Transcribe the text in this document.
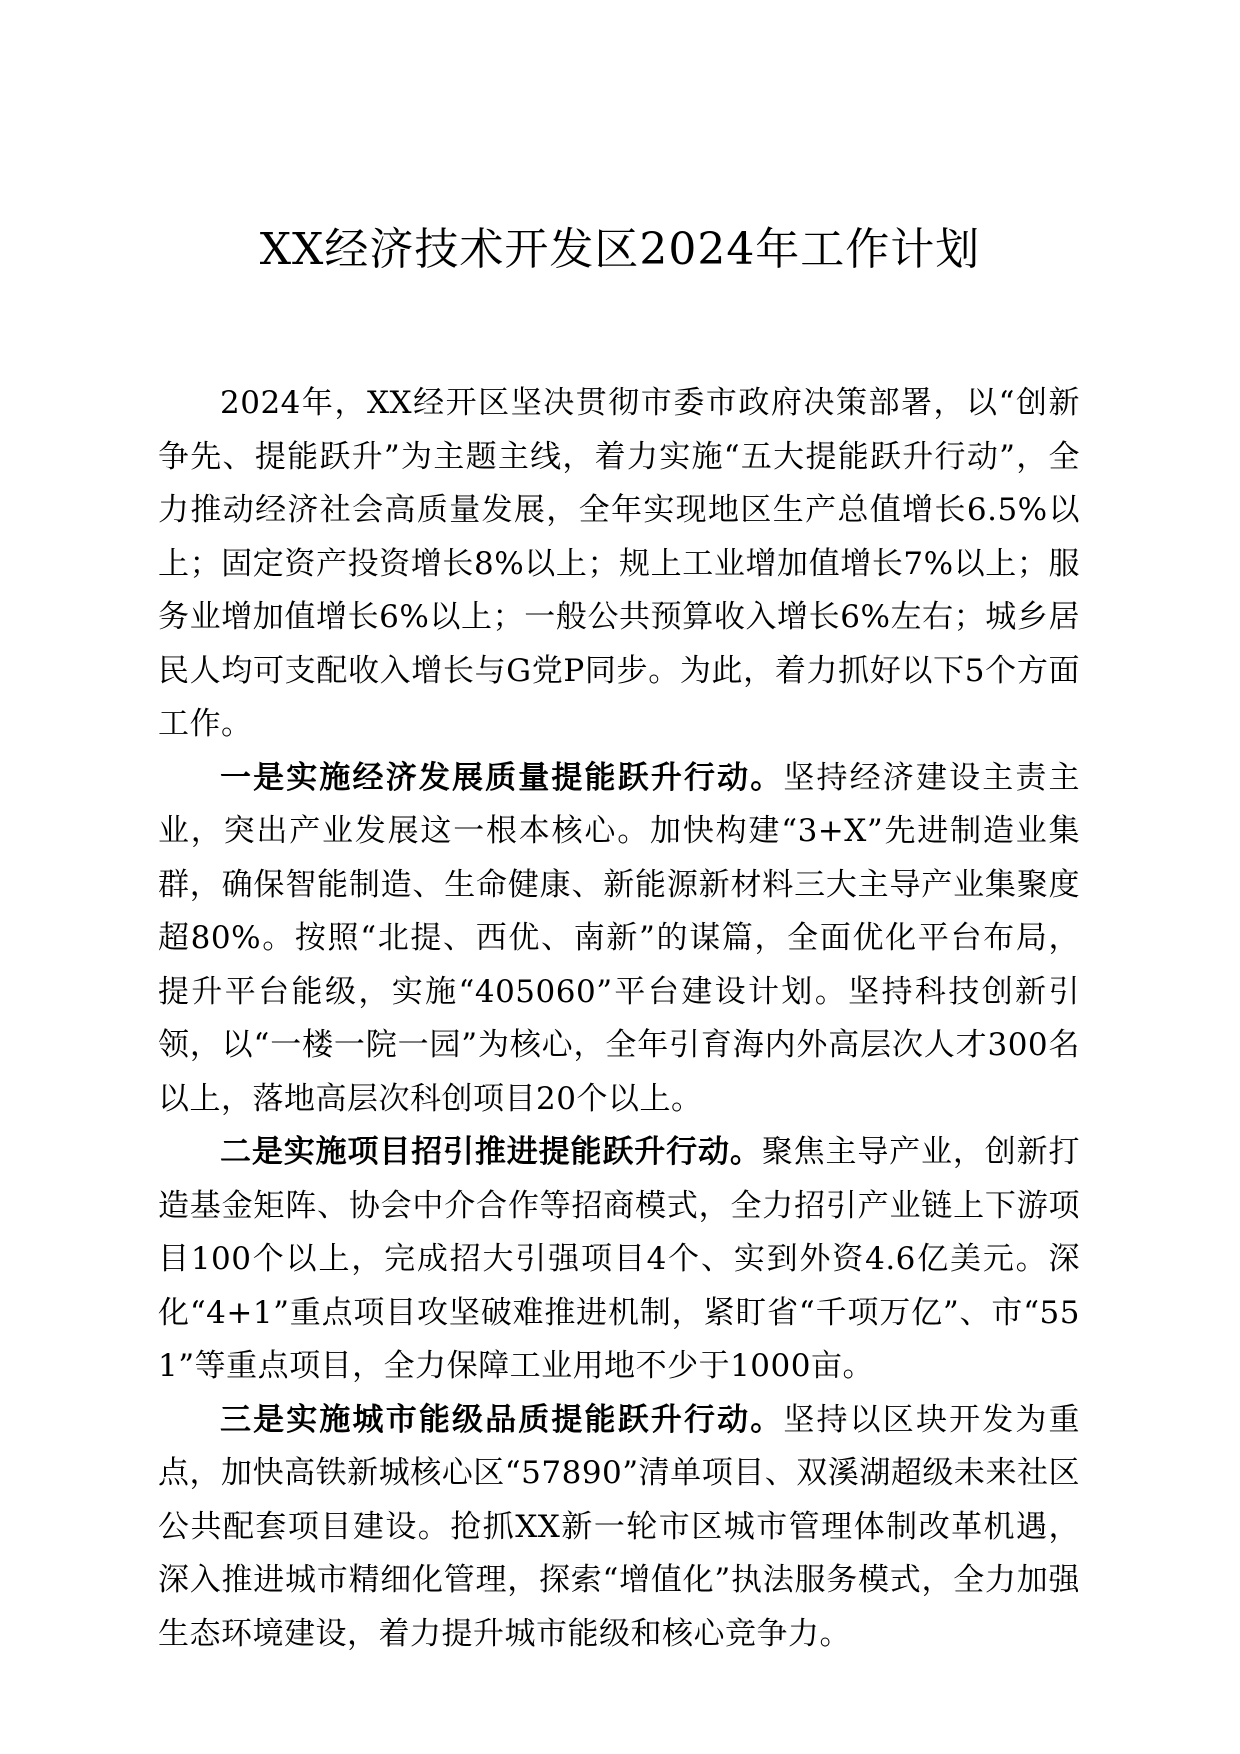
XX经济技术开发区2024年工作计划

2024年，XX经开区坚决贯彻市委市政府决策部署，以“创新争先、提能跃升”为主题主线，着力实施“五大提能跃升行动”，全力推动经济社会高质量发展，全年实现地区生产总值增长6.5%以上；固定资产投资增长8%以上；规上工业增加值增长7%以上；服务业增加值增长6%以上；一般公共预算收入增长6%左右；城乡居民人均可支配收入增长与G党P同步。为此，着力抓好以下5个方面工作。

一是实施经济发展质量提能跃升行动。坚持经济建设主责主业，突出产业发展这一根本核心。加快构建“3+X”先进制造业集群，确保智能制造、生命健康、新能源新材料三大主导产业集聚度超80%。按照“北提、西优、南新”的谋篇，全面优化平台布局，提升平台能级，实施“405060”平台建设计划。坚持科技创新引领，以“一楼一院一园”为核心，全年引育海内外高层次人才300名以上，落地高层次科创项目20个以上。

二是实施项目招引推进提能跃升行动。聚焦主导产业，创新打造基金矩阵、协会中介合作等招商模式，全力招引产业链上下游项目100个以上，完成招大引强项目4个、实到外资4.6亿美元。深化“4+1”重点项目攻坚破难推进机制，紧盯省“千项万亿”、市“551”等重点项目，全力保障工业用地不少于1000亩。

三是实施城市能级品质提能跃升行动。坚持以区块开发为重点，加快高铁新城核心区“57890”清单项目、双溪湖超级未来社区公共配套项目建设。抢抓XX新一轮市区城市管理体制改革机遇，深入推进城市精细化管理，探索“增值化”执法服务模式，全力加强生态环境建设，着力提升城市能级和核心竞争力。
